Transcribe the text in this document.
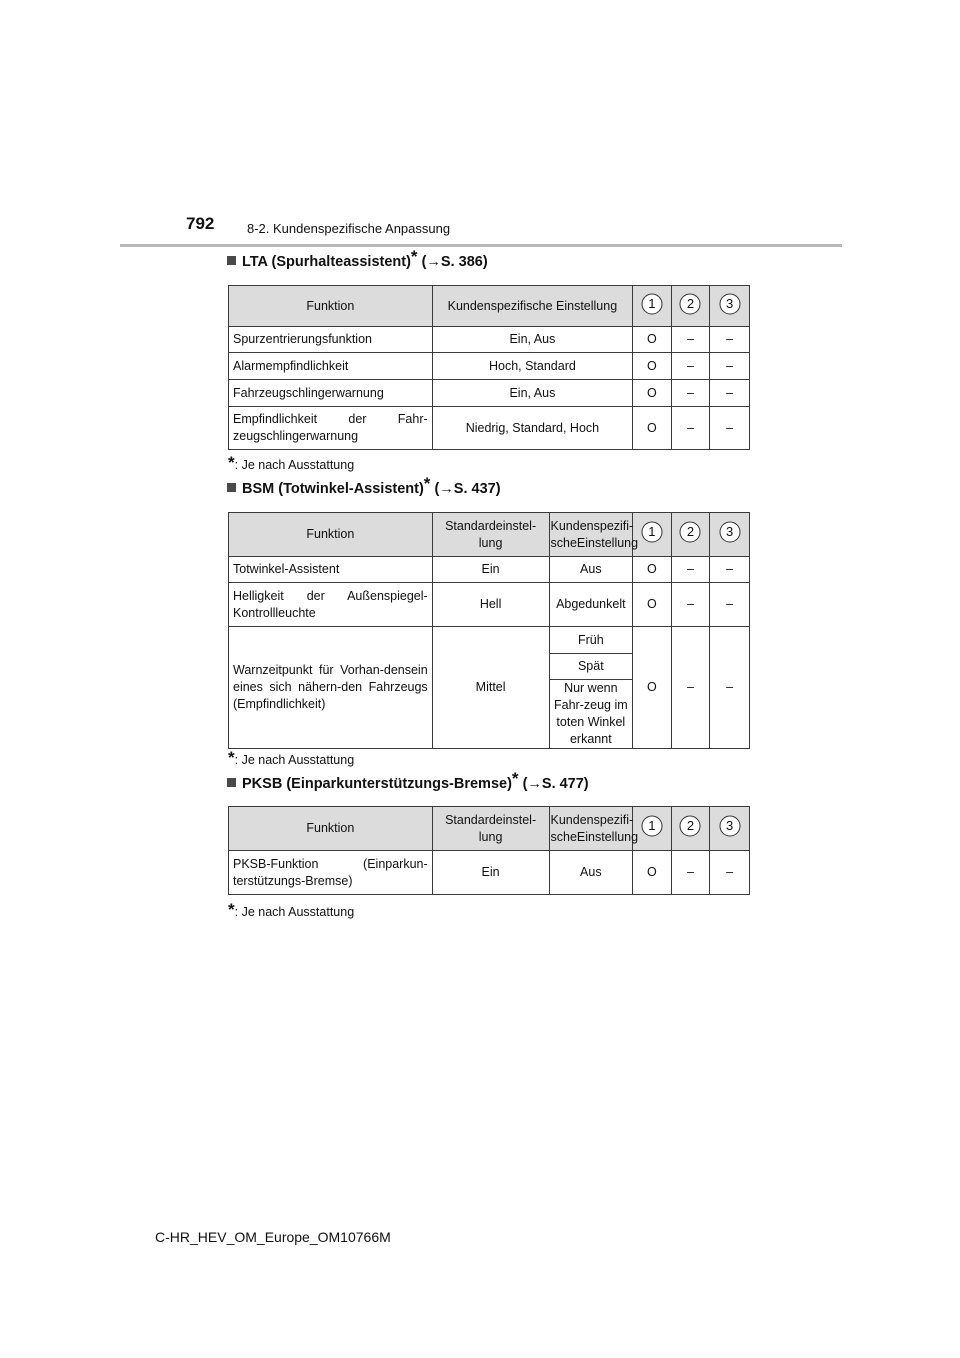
792	8-2. Kundenspezifische Anpassung
LTA (Spurhalteassistent)* (→S. 386)
Funktion	Kundenspezifische Einstellung	1	2	3

Spurzentrierungsfunktion	Ein, Aus	O	–	–
Alarmempfindlichkeit	Hoch, Standard	O	–	–
Fahrzeugschlingerwarnung	Ein, Aus	O	–	–
Empfindlichkeit der Fahr-zeugschlingerwarnung	Niedrig, Standard, Hoch	O	–	–
*: Je nach Ausstattung
BSM (Totwinkel-Assistent)* (→S. 437)
Funktion	Standardeinstel-lung	Kundenspezifi-scheEinstellung	1	2	3

Totwinkel-Assistent	Ein	Aus	O	–	–
Helligkeit der Außenspiegel-Kontrollleuchte	Hell	Abgedunkelt	O	–	–
Warnzeitpunkt für Vorhan-densein eines sich nähern-den Fahrzeugs (Empfindlichkeit)	Mittel	Früh	O	–	–
		Spät			
		Nur wenn Fahr-zeug im toten Winkel erkannt			
*: Je nach Ausstattung
PKSB (Einparkunterstützungs-Bremse)* (→S. 477)
Funktion	Standardeinstel-lung	Kundenspezifi-scheEinstellung	1	2	3

PKSB-Funktion (Einparkun-terstützungs-Bremse)	Ein	Aus	O	–	–
*: Je nach Ausstattung
C-HR_HEV_OM_Europe_OM10766M
